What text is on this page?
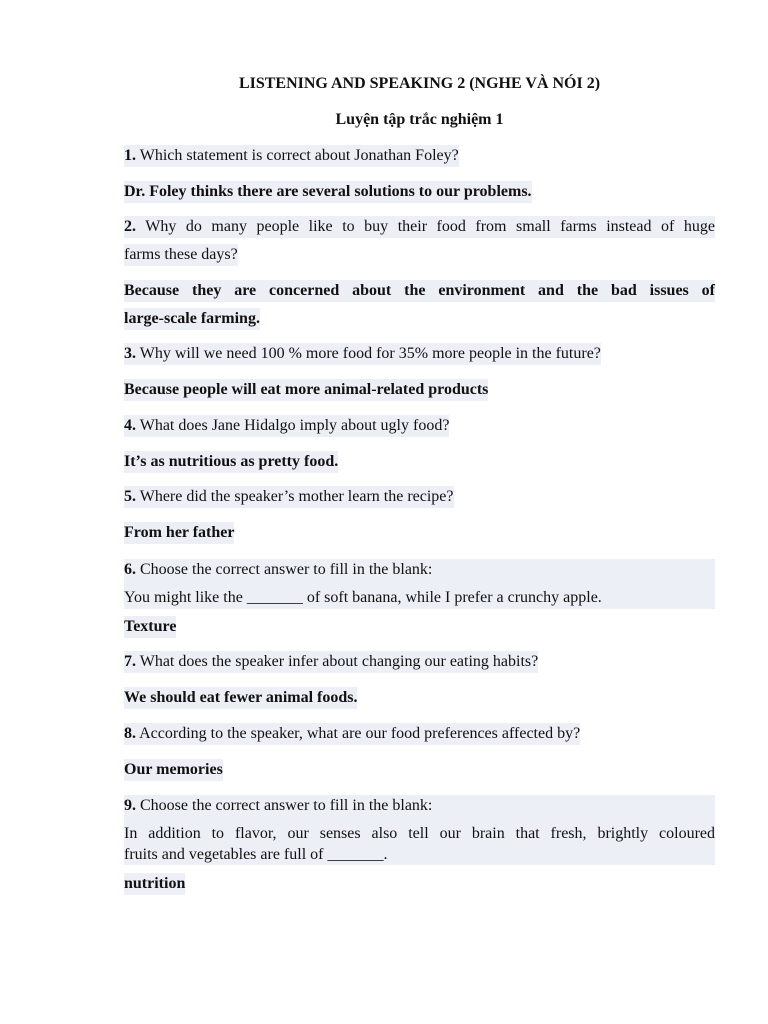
LISTENING AND SPEAKING 2 (NGHE VÀ NÓI 2)
Luyện tập trắc nghiệm 1
1. Which statement is correct about Jonathan Foley?
Dr. Foley thinks there are several solutions to our problems.
2. Why do many people like to buy their food from small farms instead of huge
farms these days?
Because they are concerned about the environment and the bad issues of
large-scale farming.
3. Why will we need 100 % more food for 35% more people in the future?
Because people will eat more animal-related products
4. What does Jane Hidalgo imply about ugly food?
It’s as nutritious as pretty food.
5. Where did the speaker’s mother learn the recipe?
From her father
6. Choose the correct answer to fill in the blank:
You might like the _______ of soft banana, while I prefer a crunchy apple.
Texture
7. What does the speaker infer about changing our eating habits?
We should eat fewer animal foods.
8. According to the speaker, what are our food preferences affected by?
Our memories
9. Choose the correct answer to fill in the blank:
In addition to flavor, our senses also tell our brain that fresh, brightly coloured
fruits and vegetables are full of _______.
nutrition
